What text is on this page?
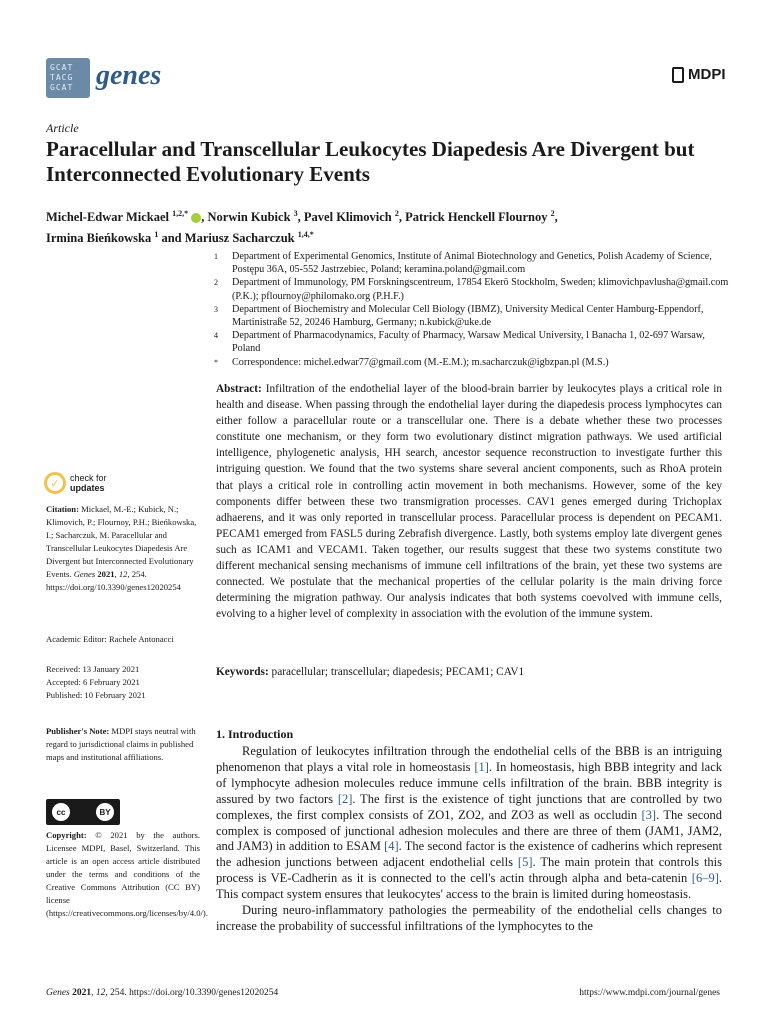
GCAT
TACG
GCAT genes	MDPI
Article
Paracellular and Transcellular Leukocytes Diapedesis Are Divergent but Interconnected Evolutionary Events
Michel-Edwar Mickael $^{1,2,*}$ , Norwin Kubick $^3$, Pavel Klimovich $^2$, Patrick Henckell Flournoy $^2$,
Irmina Bieńkowska $^1$ and Mariusz Sacharczuk $^{1,4,*}$
1	Department of Experimental Genomics, Institute of Animal Biotechnology and Genetics, Polish Academy of Science, Postępu 36A, 05-552 Jastrzebiec, Poland; keramina.poland@gmail.com
2	Department of Immunology, PM Forskningscentreum, 17854 Ekerö Stockholm, Sweden; klimovichpavlusha@gmail.com (P.K.); pflournoy@philomako.org (P.H.F.)
3	Department of Biochemistry and Molecular Cell Biology (IBMZ), University Medical Center Hamburg-Eppendorf, Martinistraße 52, 20246 Hamburg, Germany; n.kubick@uke.de
4	Department of Pharmacodynamics, Faculty of Pharmacy, Warsaw Medical University, l Banacha 1, 02-697 Warsaw, Poland
*	Correspondence: michel.edwar77@gmail.com (M.-E.M.); m.sacharczuk@igbzpan.pl (M.S.)
Abstract: Infiltration of the endothelial layer of the blood-brain barrier by leukocytes plays a critical role in health and disease. When passing through the endothelial layer during the diapedesis process lymphocytes can either follow a paracellular route or a transcellular one. There is a debate whether these two processes constitute one mechanism, or they form two evolutionary distinct migration pathways. We used artificial intelligence, phylogenetic analysis, HH search, ancestor sequence reconstruction to investigate further this intriguing question. We found that the two systems share several ancient components, such as RhoA protein that plays a critical role in controlling actin movement in both mechanisms. However, some of the key components differ between these two transmigration processes. CAV1 genes emerged during Trichoplax adhaerens, and it was only reported in transcellular process. Paracellular process is dependent on PECAM1. PECAM1 emerged from FASL5 during Zebrafish divergence. Lastly, both systems employ late divergent genes such as ICAM1 and VECAM1. Taken together, our results suggest that these two systems constitute two different mechanical sensing mechanisms of immune cell infiltrations of the brain, yet these two systems are connected. We postulate that the mechanical properties of the cellular polarity is the main driving force determining the migration pathway. Our analysis indicates that both systems coevolved with immune cells, evolving to a higher level of complexity in association with the evolution of the immune system.
Keywords: paracellular; transcellular; diapedesis; PECAM1; CAV1
✓	check for
updates
Citation: Mickael, M.-E.; Kubick, N.; Klimovich, P.; Flournoy, P.H.; Bieńkowska, I.; Sacharczuk, M. Paracellular and Transcellular Leukocytes Diapedesis Are Divergent but Interconnected Evolutionary Events. Genes 2021, 12, 254. https://doi.org/10.3390/genes12020254
Academic Editor: Rachele Antonacci
Received: 13 January 2021
Accepted: 6 February 2021
Published: 10 February 2021
Publisher's Note: MDPI stays neutral with regard to jurisdictional claims in published maps and institutional affiliations.
cc	BY
Copyright: © 2021 by the authors. Licensee MDPI, Basel, Switzerland. This article is an open access article distributed under the terms and conditions of the Creative Commons Attribution (CC BY) license (https://creativecommons.org/licenses/by/4.0/).
1. Introduction

Regulation of leukocytes infiltration through the endothelial cells of the BBB is an intriguing phenomenon that plays a vital role in homeostasis [1]. In homeostasis, high BBB integrity and lack of lymphocyte adhesion molecules reduce immune cells infiltration of the brain. BBB integrity is assured by two factors [2]. The first is the existence of tight junctions that are controlled by two complexes, the first complex consists of ZO1, ZO2, and ZO3 as well as occludin [3]. The second complex is composed of junctional adhesion molecules and there are three of them (JAM1, JAM2, and JAM3) in addition to ESAM [4]. The second factor is the existence of cadherins which represent the adhesion junctions between adjacent endothelial cells [5]. The main protein that controls this process is VE-Cadherin as it is connected to the cell's actin through alpha and beta-catenin [6–9]. This compact system ensures that leukocytes' access to the brain is limited during homeostasis.

During neuro-inflammatory pathologies the permeability of the endothelial cells changes to increase the probability of successful infiltrations of the lymphocytes to the

Genes 2021, 12, 254. https://doi.org/10.3390/genes12020254	https://www.mdpi.com/journal/genes
